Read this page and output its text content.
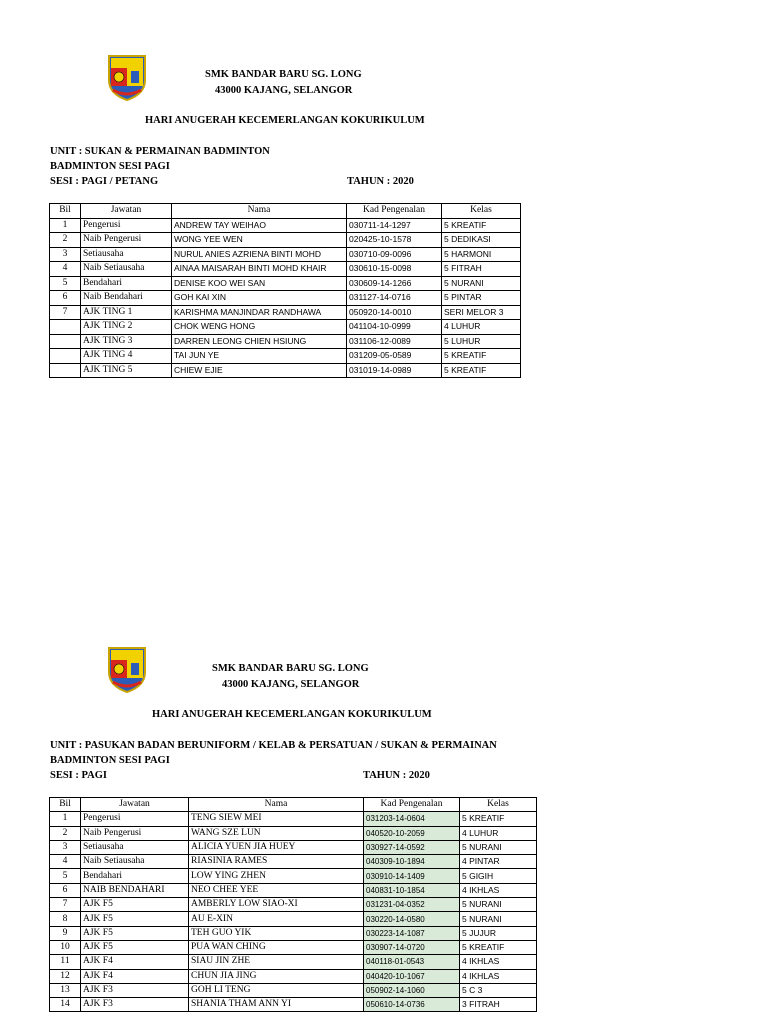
SMK BANDAR BARU SG. LONG
43000 KAJANG, SELANGOR
HARI ANUGERAH KECEMERLANGAN KOKURIKULUM
UNIT : SUKAN & PERMAINAN BADMINTON
BADMINTON SESI PAGI
SESI : PAGI / PETANG	TAHUN : 2020
Bil	Jawatan	Nama	Kad Pengenalan	Kelas
1	Pengerusi	ANDREW TAY WEIHAO	030711-14-1297	5 KREATIF
2	Naib Pengerusi	WONG YEE WEN	020425-10-1578	5 DEDIKASI
3	Setiausaha	NURUL ANIES AZRIENA BINTI MOHD	030710-09-0096	5 HARMONI
4	Naib Setiausaha	AINAA MAISARAH BINTI MOHD KHAIR	030610-15-0098	5 FITRAH
5	Bendahari	DENISE KOO WEI SAN	030609-14-1266	5 NURANI
6	Naib Bendahari	GOH KAI XIN	031127-14-0716	5 PINTAR
7	AJK TING 1	KARISHMA MANJINDAR RANDHAWA	050920-14-0010	SERI MELOR 3
	AJK TING 2	CHOK WENG HONG	041104-10-0999	4 LUHUR
	AJK TING 3	DARREN LEONG CHIEN HSIUNG	031106-12-0089	5 LUHUR
	AJK TING 4	TAI JUN YE	031209-05-0589	5 KREATIF
	AJK TING 5	CHIEW EJIE	031019-14-0989	5 KREATIF
SMK BANDAR BARU SG. LONG
43000 KAJANG, SELANGOR
HARI ANUGERAH KECEMERLANGAN KOKURIKULUM
UNIT : PASUKAN BADAN BERUNIFORM / KELAB & PERSATUAN / SUKAN & PERMAINAN
BADMINTON SESI PAGI
SESI : PAGI	TAHUN : 2020
Bil	Jawatan	Nama	Kad Pengenalan	Kelas
1	Pengerusi	TENG SIEW MEI	031203-14-0604	5 KREATIF
2	Naib Pengerusi	WANG SZE LUN	040520-10-2059	4 LUHUR
3	Setiausaha	ALICIA YUEN JIA HUEY	030927-14-0592	5 NURANI
4	Naib Setiausaha	RIASINIA RAMES	040309-10-1894	4 PINTAR
5	Bendahari	LOW YING ZHEN	030910-14-1409	5 GIGIH
6	NAIB BENDAHARI	NEO CHEE YEE	040831-10-1854	4 IKHLAS
7	AJK F5	AMBERLY LOW SIAO-XI	031231-04-0352	5 NURANI
8	AJK F5	AU E-XIN	030220-14-0580	5 NURANI
9	AJK F5	TEH GUO YIK	030223-14-1087	5 JUJUR
10	AJK F5	PUA WAN CHING	030907-14-0720	5 KREATIF
11	AJK F4	SIAU JIN ZHE	040118-01-0543	4 IKHLAS
12	AJK F4	CHUN JIA JING	040420-10-1067	4 IKHLAS
13	AJK F3	GOH LI TENG	050902-14-1060	5 C 3
14	AJK F3	SHANIA THAM ANN YI	050610-14-0736	3 FITRAH
